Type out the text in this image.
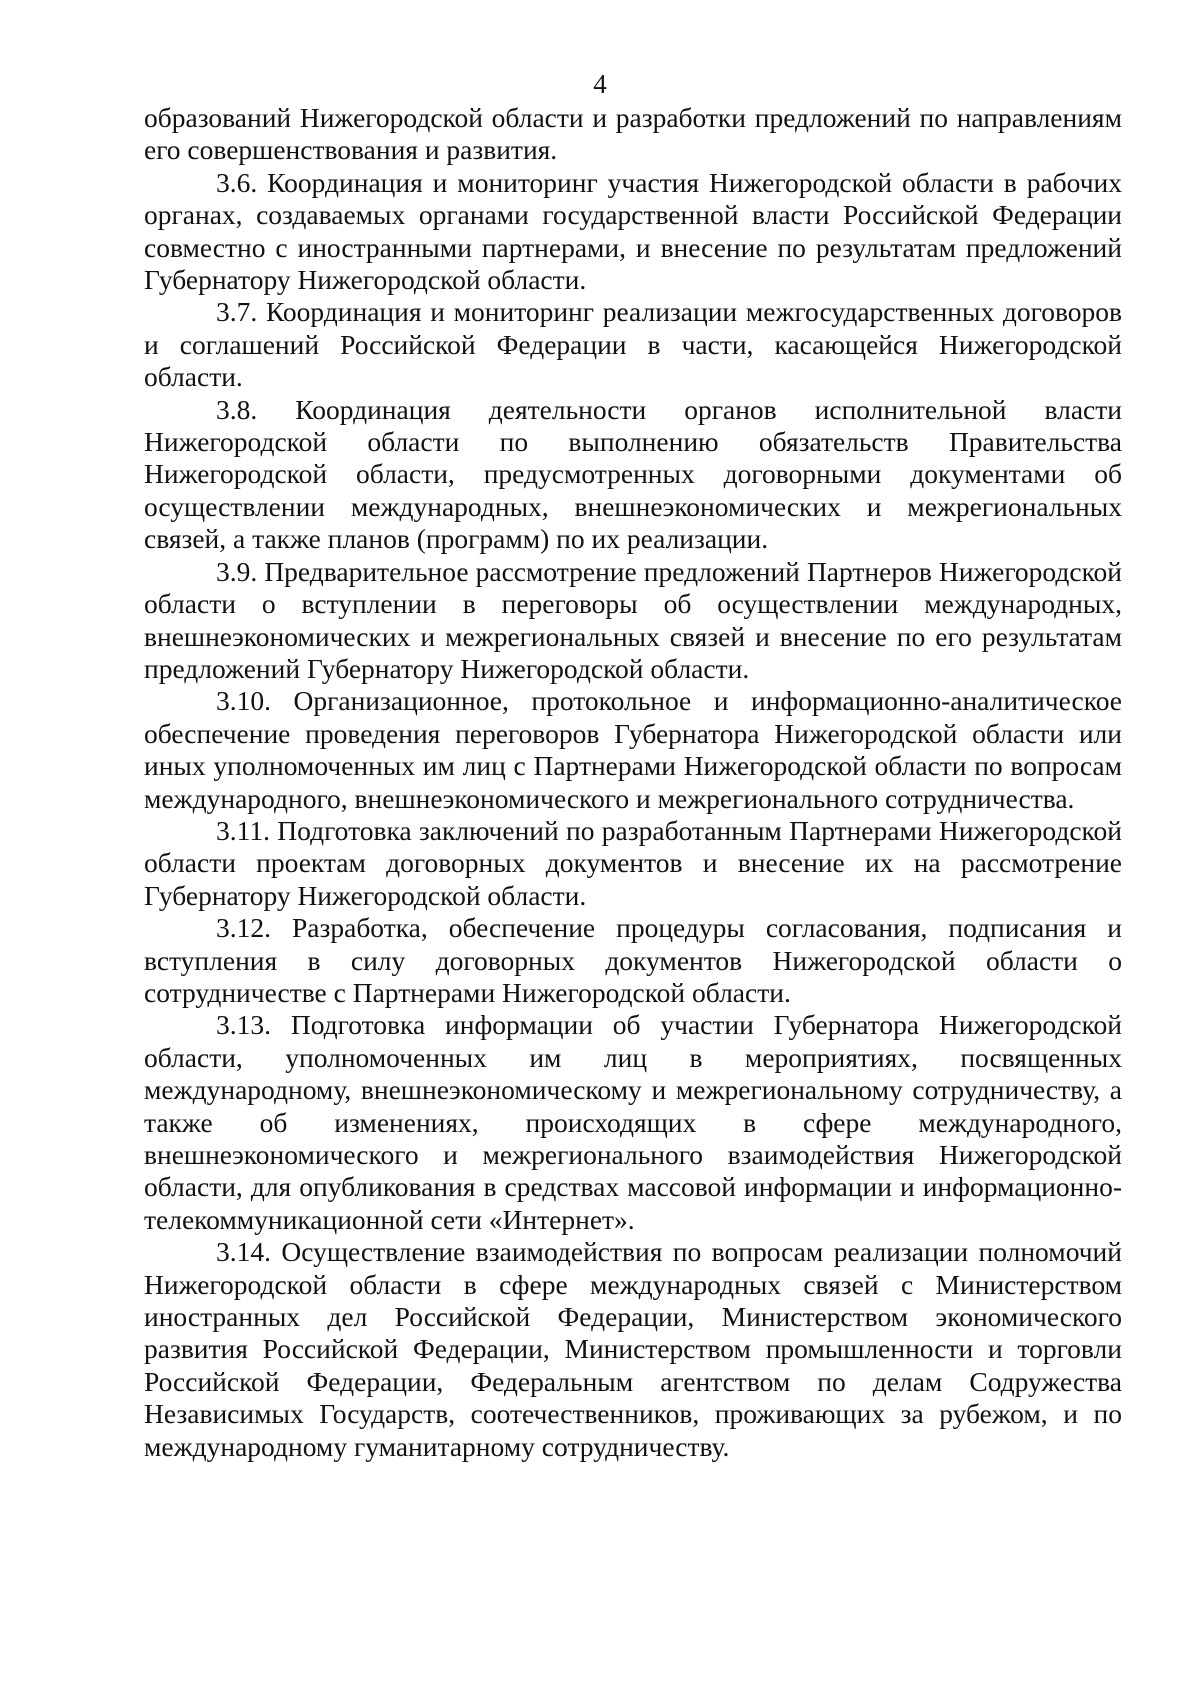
4

образований Нижегородской области и разработки предложений по направлениям его совершенствования и развития.

3.6. Координация и мониторинг участия Нижегородской области в рабочих органах, создаваемых органами государственной власти Российской Федерации совместно с иностранными партнерами, и внесение по результатам предложений Губернатору Нижегородской области.

3.7. Координация и мониторинг реализации межгосударственных договоров и соглашений Российской Федерации в части, касающейся Нижегородской области.

3.8. Координация деятельности органов исполнительной власти Нижегородской области по выполнению обязательств Правительства Нижегородской области, предусмотренных договорными документами об осуществлении международных, внешнеэкономических и межрегиональных связей, а также планов (программ) по их реализации.

3.9. Предварительное рассмотрение предложений Партнеров Нижегородской области о вступлении в переговоры об осуществлении международных, внешнеэкономических и межрегиональных связей и внесение по его результатам предложений Губернатору Нижегородской области.

3.10. Организационное, протокольное и информационно-аналитическое обеспечение проведения переговоров Губернатора Нижегородской области или иных уполномоченных им лиц с Партнерами Нижегородской области по вопросам международного, внешнеэкономического и межрегионального сотрудничества.

3.11. Подготовка заключений по разработанным Партнерами Нижегородской области проектам договорных документов и внесение их на рассмотрение Губернатору Нижегородской области.

3.12. Разработка, обеспечение процедуры согласования, подписания и вступления в силу договорных документов Нижегородской области о сотрудничестве с Партнерами Нижегородской области.

3.13. Подготовка информации об участии Губернатора Нижегородской области, уполномоченных им лиц в мероприятиях, посвященных международному, внешнеэкономическому и межрегиональному сотрудничеству, а также об изменениях, происходящих в сфере международного, внешнеэкономического и межрегионального взаимодействия Нижегородской области, для опубликования в средствах массовой информации и информационно-телекоммуникационной сети «Интернет».

3.14. Осуществление взаимодействия по вопросам реализации полномочий Нижегородской области в сфере международных связей с Министерством иностранных дел Российской Федерации, Министерством экономического развития Российской Федерации, Министерством промышленности и торговли Российской Федерации, Федеральным агентством по делам Содружества Независимых Государств, соотечественников, проживающих за рубежом, и по международному гуманитарному сотрудничеству.
